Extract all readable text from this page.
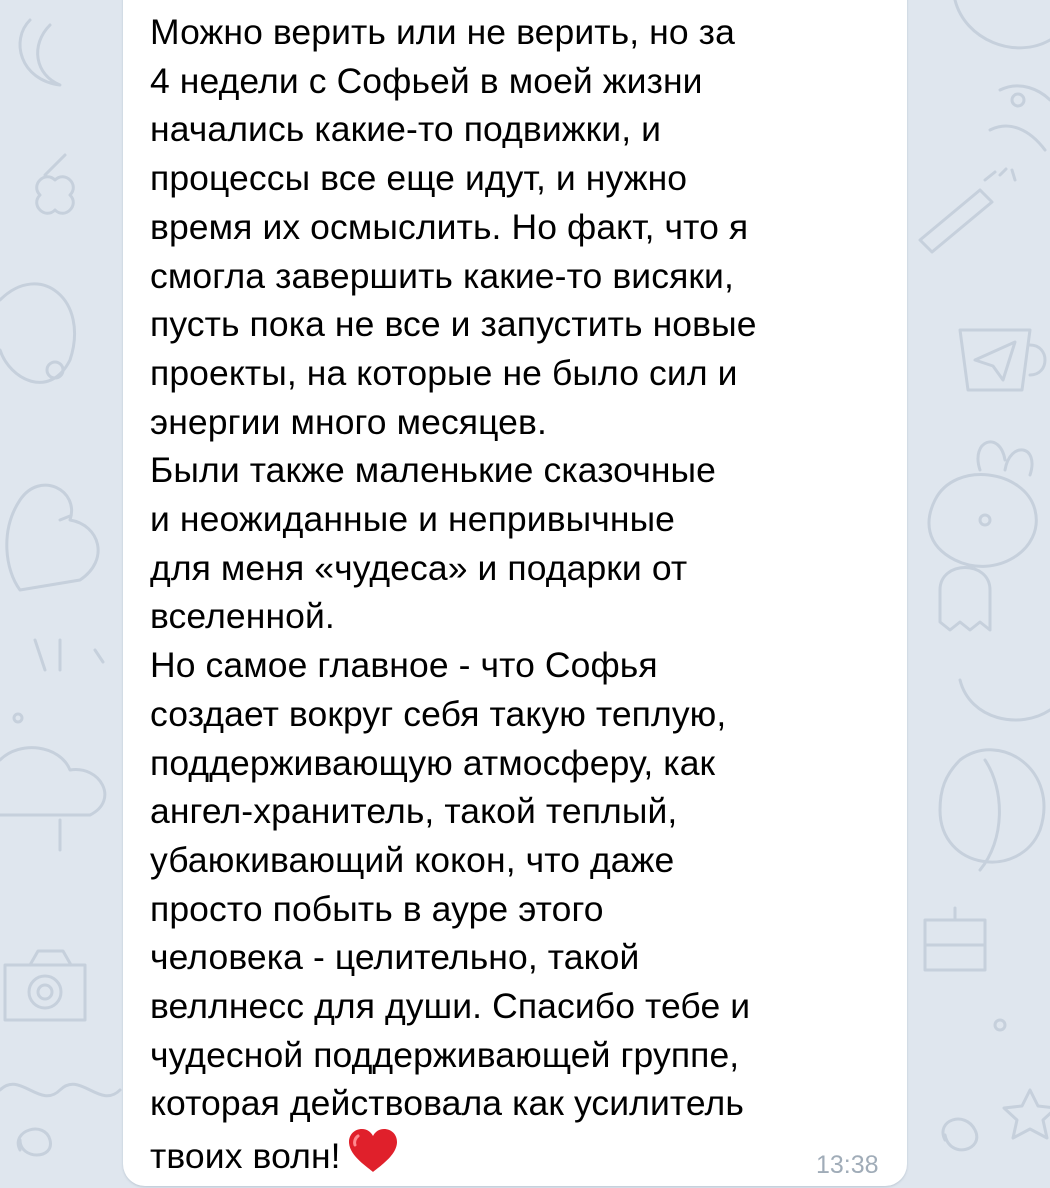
Можно верить или не верить, но за
4 недели с Софьей в моей жизни
начались какие-то подвижки, и
процессы все еще идут, и нужно
время их осмыслить. Но факт, что я
смогла завершить какие-то висяки,
пусть пока не все и запустить новые
проекты, на которые не было сил и
энергии много месяцев.
Были также маленькие сказочные
и неожиданные и непривычные
для меня «чудеса» и подарки от
вселенной.
Но самое главное - что Софья
создает вокруг себя такую теплую,
поддерживающую атмосферу, как
ангел-хранитель, такой теплый,
убаюкивающий кокон, что даже
просто побыть в ауре этого
человека - целительно, такой
веллнесс для души. Спасибо тебе и
чудесной поддерживающей группе,
которая действовала как усилитель
твоих волн!	13:38
